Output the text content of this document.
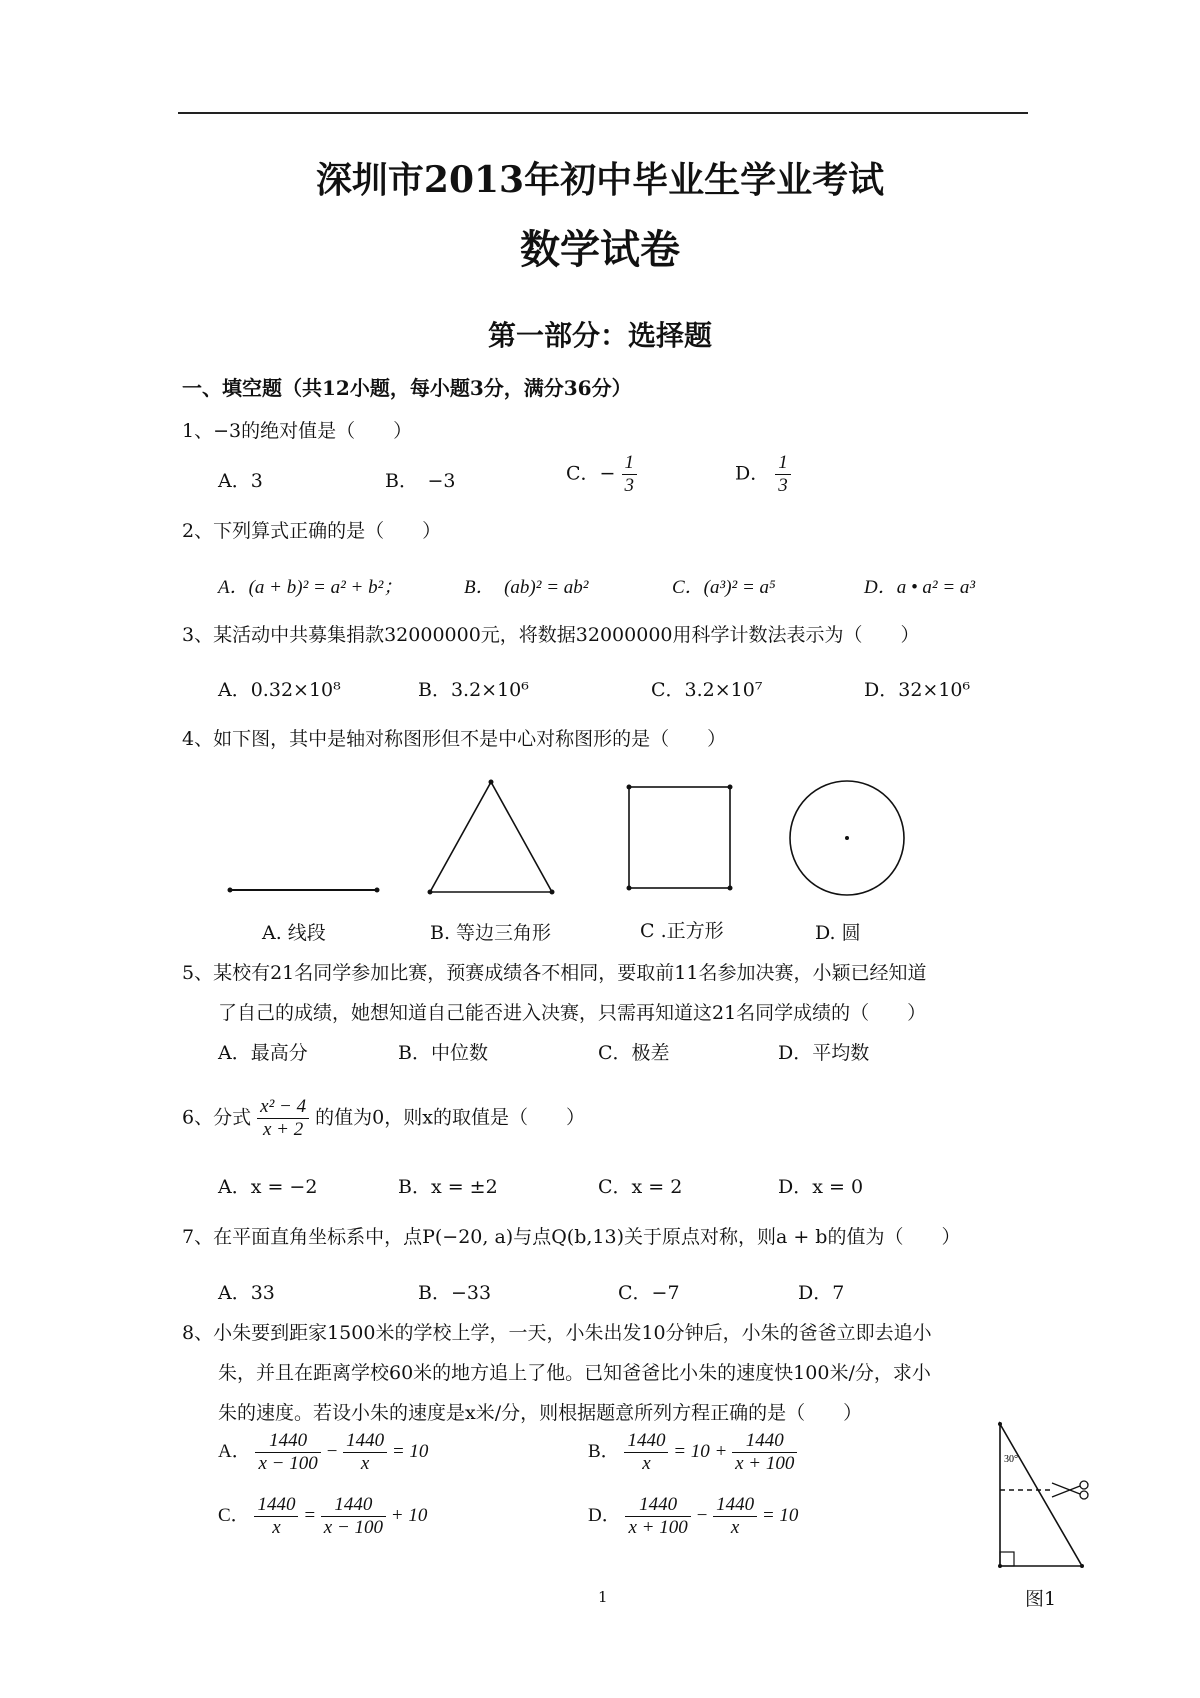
深圳市2013年初中毕业生学业考试
数学试卷
第一部分：选择题
一、填空题（共12小题，每小题3分，满分36分）
1、−3的绝对值是（　　）
A．3	B．　−3	C．− $\frac{1}{3}$	D． $\frac{1}{3}$
2、下列算式正确的是（　　）
A．(a + b)² = a² + b²；	B．　(ab)² = ab²	C．(a³)² = a⁵	D．a • a² = a³
3、某活动中共募集捐款32000000元，将数据32000000用科学计数法表示为（　　）
A．0.32×10⁸	B．3.2×10⁶	C．3.2×10⁷	D．32×10⁶
4、如下图，其中是轴对称图形但不是中心对称图形的是（　　）
A. 线段	B. 等边三角形	C .正方形	D. 圆
5、某校有21名同学参加比赛，预赛成绩各不相同，要取前11名参加决赛，小颖已经知道
了自己的成绩，她想知道自己能否进入决赛，只需再知道这21名同学成绩的（　　）
A．最高分	B．中位数	C．极差	D．平均数
6、分式 $\frac{\text{x² − 4}}{x + 2}$ 的值为0，则x的取值是（　　）
A．x = −2	B．x = ±2	C．x = 2	D．x = 0
7、在平面直角坐标系中，点P(−20, a)与点Q(b,13)关于原点对称，则a + b的值为（　　）
A．33	B．−33	C．−7	D．7
8、小朱要到距家1500米的学校上学，一天，小朱出发10分钟后，小朱的爸爸立即去追小
朱，并且在距离学校60米的地方追上了他。已知爸爸比小朱的速度快100米/分，求小
朱的速度。若设小朱的速度是x米/分，则根据题意所列方程正确的是（　　）
A． $\frac{1440}{x - 100} - \frac{1440}{x} = 10$	B． $\frac{1440}{x} = 10 + \frac{1440}{x + 100}$
C． $\frac{1440}{x} = \frac{1440}{x - 100} + 10$	D． $\frac{1440}{x + 100} - \frac{1440}{x} = 10$
30°
图1
1
